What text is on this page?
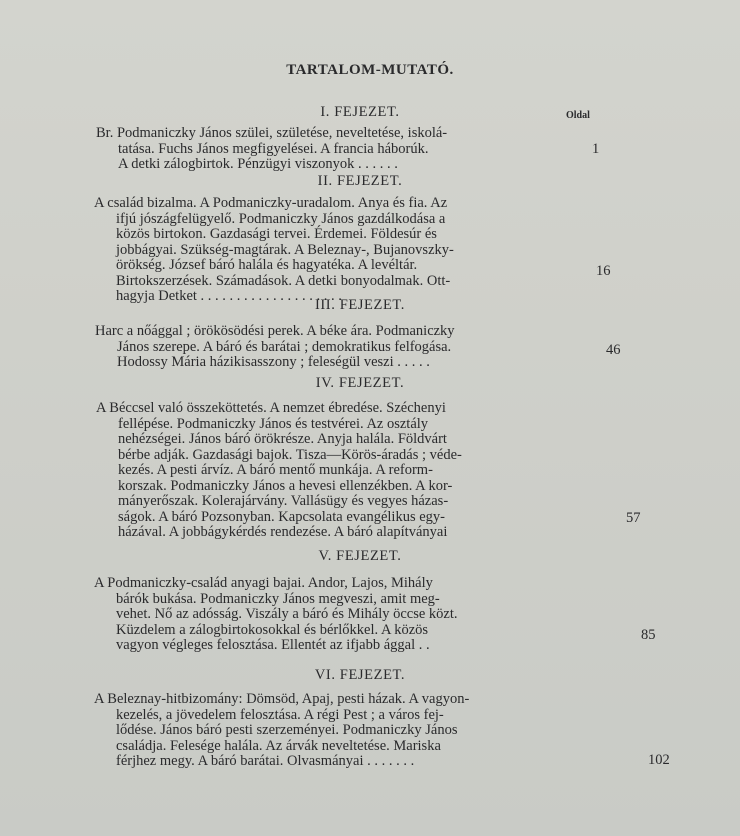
TARTALOM-MUTATÓ.
Oldal
I. FEJEZET.
Br. Podmaniczky János szülei, születése, neveltetése, iskolá-
tatása. Fuchs János megfigyelései. A francia háborúk.
A detki zálogbirtok. Pénzügyi viszonyok . . . . . .
1
II. FEJEZET.
A család bizalma. A Podmaniczky-uradalom. Anya és fia. Az
ifjú jószágfelügyelő. Podmaniczky János gazdálkodása a
közös birtokon. Gazdasági tervei. Érdemei. Földesúr és
jobbágyai. Szükség-magtárak. A Beleznay-, Bujanovszky-
örökség. József báró halála és hagyatéka. A levéltár.
Birtokszerzések. Számadások. A detki bonyodalmak. Ott-
hagyja Detket . . . . . . . . . . . . . . . . . . . .
16
III. FEJEZET.
Harc a nőággal ; örökösödési perek. A béke ára. Podmaniczky
János szerepe. A báró és barátai ; demokratikus felfogása.
Hodossy Mária házikisasszony ; feleségül veszi . . . . .
46
IV. FEJEZET.
A Béccsel való összeköttetés. A nemzet ébredése. Széchenyi
fellépése. Podmaniczky János és testvérei. Az osztály
nehézségei. János báró örökrésze. Anyja halála. Földvárt
bérbe adják. Gazdasági bajok. Tisza—Körös-áradás ; véde-
kezés. A pesti árvíz. A báró mentő munkája. A reform-
korszak. Podmaniczky János a hevesi ellenzékben. A kor-
mányerőszak. Kolerajárvány. Vallásügy és vegyes házas-
ságok. A báró Pozsonyban. Kapcsolata evangélikus egy-
házával. A jobbágykérdés rendezése. A báró alapítványai
57
V. FEJEZET.
A Podmaniczky-család anyagi bajai. Andor, Lajos, Mihály
bárók bukása. Podmaniczky János megveszi, amit meg-
vehet. Nő az adósság. Viszály a báró és Mihály öccse közt.
Küzdelem a zálogbirtokosokkal és bérlőkkel. A közös
vagyon végleges felosztása. Ellentét az ifjabb ággal . .
85
VI. FEJEZET.
A Beleznay-hitbizomány: Dömsöd, Apaj, pesti házak. A vagyon-
kezelés, a jövedelem felosztása. A régi Pest ; a város fej-
lődése. János báró pesti szerzeményei. Podmaniczky János
családja. Felesége halála. Az árvák neveltetése. Mariska
férjhez megy. A báró barátai. Olvasmányai . . . . . . .	102
